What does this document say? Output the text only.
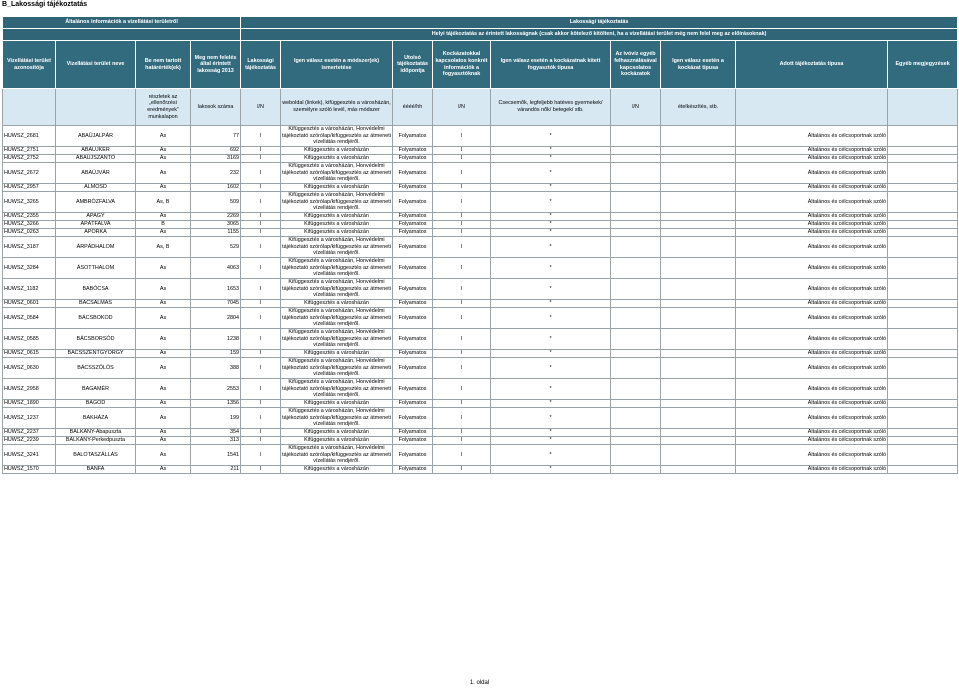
B_Lakossági tájékoztatás
Általános információk a vizellátási területről				Lakossági tájékoztatás								

				Helyi tájékoztatás az érintett lakosságnak (csak akkor kötelező kitölteni, ha a vizellátási terület még nem felel meg az előírásoknak)								
Vizellátási terület azonosítója	Vizellátási terület neve	Be nem tartott határérték(ek)	Meg nem felelés által érintett lakosság 2013	Lakossági tájékoztatás	Igen válasz esetén a módszer(ek) ismertetése	Utolsó tájékoztatás időpontja	Kockázatokkal kapcsolatos konkrét információk a fogyasztóknak	Igen válasz esetén a kockázatnak kitett fogyasztók típusa	Az ivóvíz egyéb felhasználásával kapcsolatos kockázatok	Igen válasz esetén a kockázat típusa	Adott tájékoztatás típusa	Egyéb megjegyzések
		részletek az „ellenőrzési eredmények” munkalapon	lakosok száma	I/N	weboldal (linkek), kifüggesztés a városházán, személyre szóló levél, más módszer	éééé/hh	I/N	Csecsemők, legfeljebb hatéves gyermekek/ várandós nők/ betegek/ stb.	I/N	ételkészítés, stb.		
HUWSZ_2681	ABAÚJALPÁR	As	77	I	Kifüggesztés a városházán, Honvédelmi tájékoztató szórólap/kifüggesztés az átmeneti vízellátás rendjéről.	Folyamatos	I	*			Általános és célcsoportnak szóló	
HUWSZ_2751	ABAÚJKÉR	As	692	I	Kifüggesztés a városházán	Folyamatos	I	*			Általános és célcsoportnak szóló	
HUWSZ_2752	ABAÚJSZÁNTÓ	As	3169	I	Kifüggesztés a városházán	Folyamatos	I	*			Általános és célcsoportnak szóló	
HUWSZ_2672	ABAÚJVÁR	As	232	I	Kifüggesztés a városházán, Honvédelmi tájékoztató szórólap/kifüggesztés az átmeneti vízellátás rendjéről.	Folyamatos	I	*			Általános és célcsoportnak szóló	
HUWSZ_2957	ÁLMOSD	As	1602	I	Kifüggesztés a városházán	Folyamatos	I	*			Általános és célcsoportnak szóló	
HUWSZ_3265	AMBRÓZFALVA	As, B	509	I	Kifüggesztés a városházán, Honvédelmi tájékoztató szórólap/kifüggesztés az átmeneti vízellátás rendjéről.	Folyamatos	I	*			Általános és célcsoportnak szóló	
HUWSZ_2355	APAGY	As	2269	I	Kifüggesztés a városházán	Folyamatos	I	*			Általános és célcsoportnak szóló	
HUWSZ_3266	APÁTFALVA	B	3065	I	Kifüggesztés a városházán	Folyamatos	I	*			Általános és célcsoportnak szóló	
HUWSZ_0263	ÁPORKA	As	1155	I	Kifüggesztés a városházán	Folyamatos	I	*			Általános és célcsoportnak szóló	
HUWSZ_3187	ÁRPÁDHALOM	As, B	529	I	Kifüggesztés a városházán, Honvédelmi tájékoztató szórólap/kifüggesztés az átmeneti vízellátás rendjéről.	Folyamatos	I	*			Általános és célcsoportnak szóló	
HUWSZ_3284	ÁSOTTHALOM	As	4063	I	Kifüggesztés a városházán, Honvédelmi tájékoztató szórólap/kifüggesztés az átmeneti vízellátás rendjéről.	Folyamatos	I	*			Általános és célcsoportnak szóló	
HUWSZ_1182	BABÓCSA	As	1653	I	Kifüggesztés a városházán, Honvédelmi tájékoztató szórólap/kifüggesztés az átmeneti vízellátás rendjéről.	Folyamatos	I	*			Általános és célcsoportnak szóló	
HUWSZ_0601	BÁCSALMÁS	As	7045	I	Kifüggesztés a városházán	Folyamatos	I	*			Általános és célcsoportnak szóló	
HUWSZ_0584	BÁCSBOKOD	As	2804	I	Kifüggesztés a városházán, Honvédelmi tájékoztató szórólap/kifüggesztés az átmeneti vízellátás rendjéről.	Folyamatos	I	*			Általános és célcsoportnak szóló	
HUWSZ_0585	BÁCSBORSÓD	As	1238	I	Kifüggesztés a városházán, Honvédelmi tájékoztató szórólap/kifüggesztés az átmeneti vízellátás rendjéről.	Folyamatos	I	*			Általános és célcsoportnak szóló	
HUWSZ_0615	BÁCSSZENTGYÖRGY	As	159	I	Kifüggesztés a városházán	Folyamatos	I	*			Általános és célcsoportnak szóló	
HUWSZ_0630	BÁCSSZŐLŐS	As	388	I	Kifüggesztés a városházán, Honvédelmi tájékoztató szórólap/kifüggesztés az átmeneti vízellátás rendjéről.	Folyamatos	I	*			Általános és célcsoportnak szóló	
HUWSZ_2958	BAGAMÉR	As	2553	I	Kifüggesztés a városházán, Honvédelmi tájékoztató szórólap/kifüggesztés az átmeneti vízellátás rendjéről.	Folyamatos	I	*			Általános és célcsoportnak szóló	
HUWSZ_1890	BAGOD	As	1356	I	Kifüggesztés a városházán	Folyamatos	I	*			Általános és célcsoportnak szóló	
HUWSZ_1237	BAKHÁZA	As	199	I	Kifüggesztés a városházán, Honvédelmi tájékoztató szórólap/kifüggesztés az átmeneti vízellátás rendjéről.	Folyamatos	I	*			Általános és célcsoportnak szóló	
HUWSZ_2237	BALKÁNY-Abapuszta	As	354	I	Kifüggesztés a városházán	Folyamatos	I	*			Általános és célcsoportnak szóló	
HUWSZ_2239	BALKÁNY-Perkedpuszta	As	313	I	Kifüggesztés a városházán	Folyamatos	I	*			Általános és célcsoportnak szóló	
HUWSZ_3241	BALOTASZÁLLÁS	As	1541	I	Kifüggesztés a városházán, Honvédelmi tájékoztató szórólap/kifüggesztés az átmeneti vízellátás rendjéről.	Folyamatos	I	*			Általános és célcsoportnak szóló	
HUWSZ_1570	BÁNFA	As	211	I	Kifüggesztés a városházán	Folyamatos	I	*			Általános és célcsoportnak szóló	
1. oldal
